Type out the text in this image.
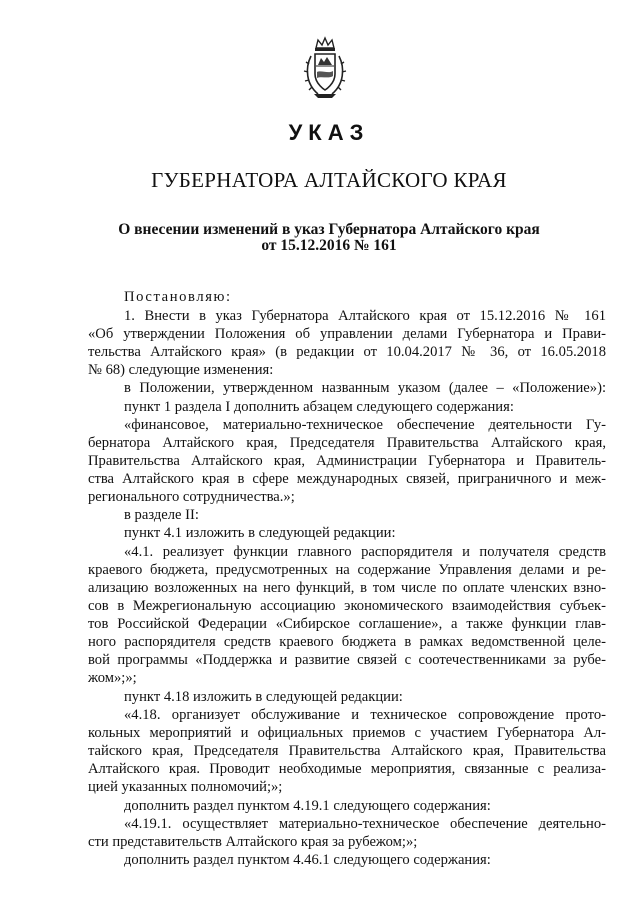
УКАЗ
ГУБЕРНАТОРА АЛТАЙСКОГО КРАЯ
О внесении изменений в указ Губернатора Алтайского края
от 15.12.2016 № 161
Постановляю:
1. Внести в указ Губернатора Алтайского края от 15.12.2016 № 161
«Об утверждении Положения об управлении делами Губернатора и Прави-
тельства Алтайского края» (в редакции от 10.04.2017 № 36, от 16.05.2018
№ 68) следующие изменения:
в Положении, утвержденном названным указом (далее – «Положение»):
пункт 1 раздела I дополнить абзацем следующего содержания:
«финансовое, материально-техническое обеспечение деятельности Гу-
бернатора Алтайского края, Председателя Правительства Алтайского края,
Правительства Алтайского края, Администрации Губернатора и Правитель-
ства Алтайского края в сфере международных связей, приграничного и меж-
регионального сотрудничества.»;
в разделе II:
пункт 4.1 изложить в следующей редакции:
«4.1. реализует функции главного распорядителя и получателя средств
краевого бюджета, предусмотренных на содержание Управления делами и ре-
ализацию возложенных на него функций, в том числе по оплате членских взно-
сов в Межрегиональную ассоциацию экономического взаимодействия субъек-
тов Российской Федерации «Сибирское соглашение», а также функции глав-
ного распорядителя средств краевого бюджета в рамках ведомственной целе-
вой программы «Поддержка и развитие связей с соотечественниками за рубе-
жом»;»;
пункт 4.18 изложить в следующей редакции:
«4.18. организует обслуживание и техническое сопровождение прото-
кольных мероприятий и официальных приемов с участием Губернатора Ал-
тайского края, Председателя Правительства Алтайского края, Правительства
Алтайского края. Проводит необходимые мероприятия, связанные с реализа-
цией указанных полномочий;»;
дополнить раздел пунктом 4.19.1 следующего содержания:
«4.19.1. осуществляет материально-техническое обеспечение деятельно-
сти представительств Алтайского края за рубежом;»;
дополнить раздел пунктом 4.46.1 следующего содержания:
